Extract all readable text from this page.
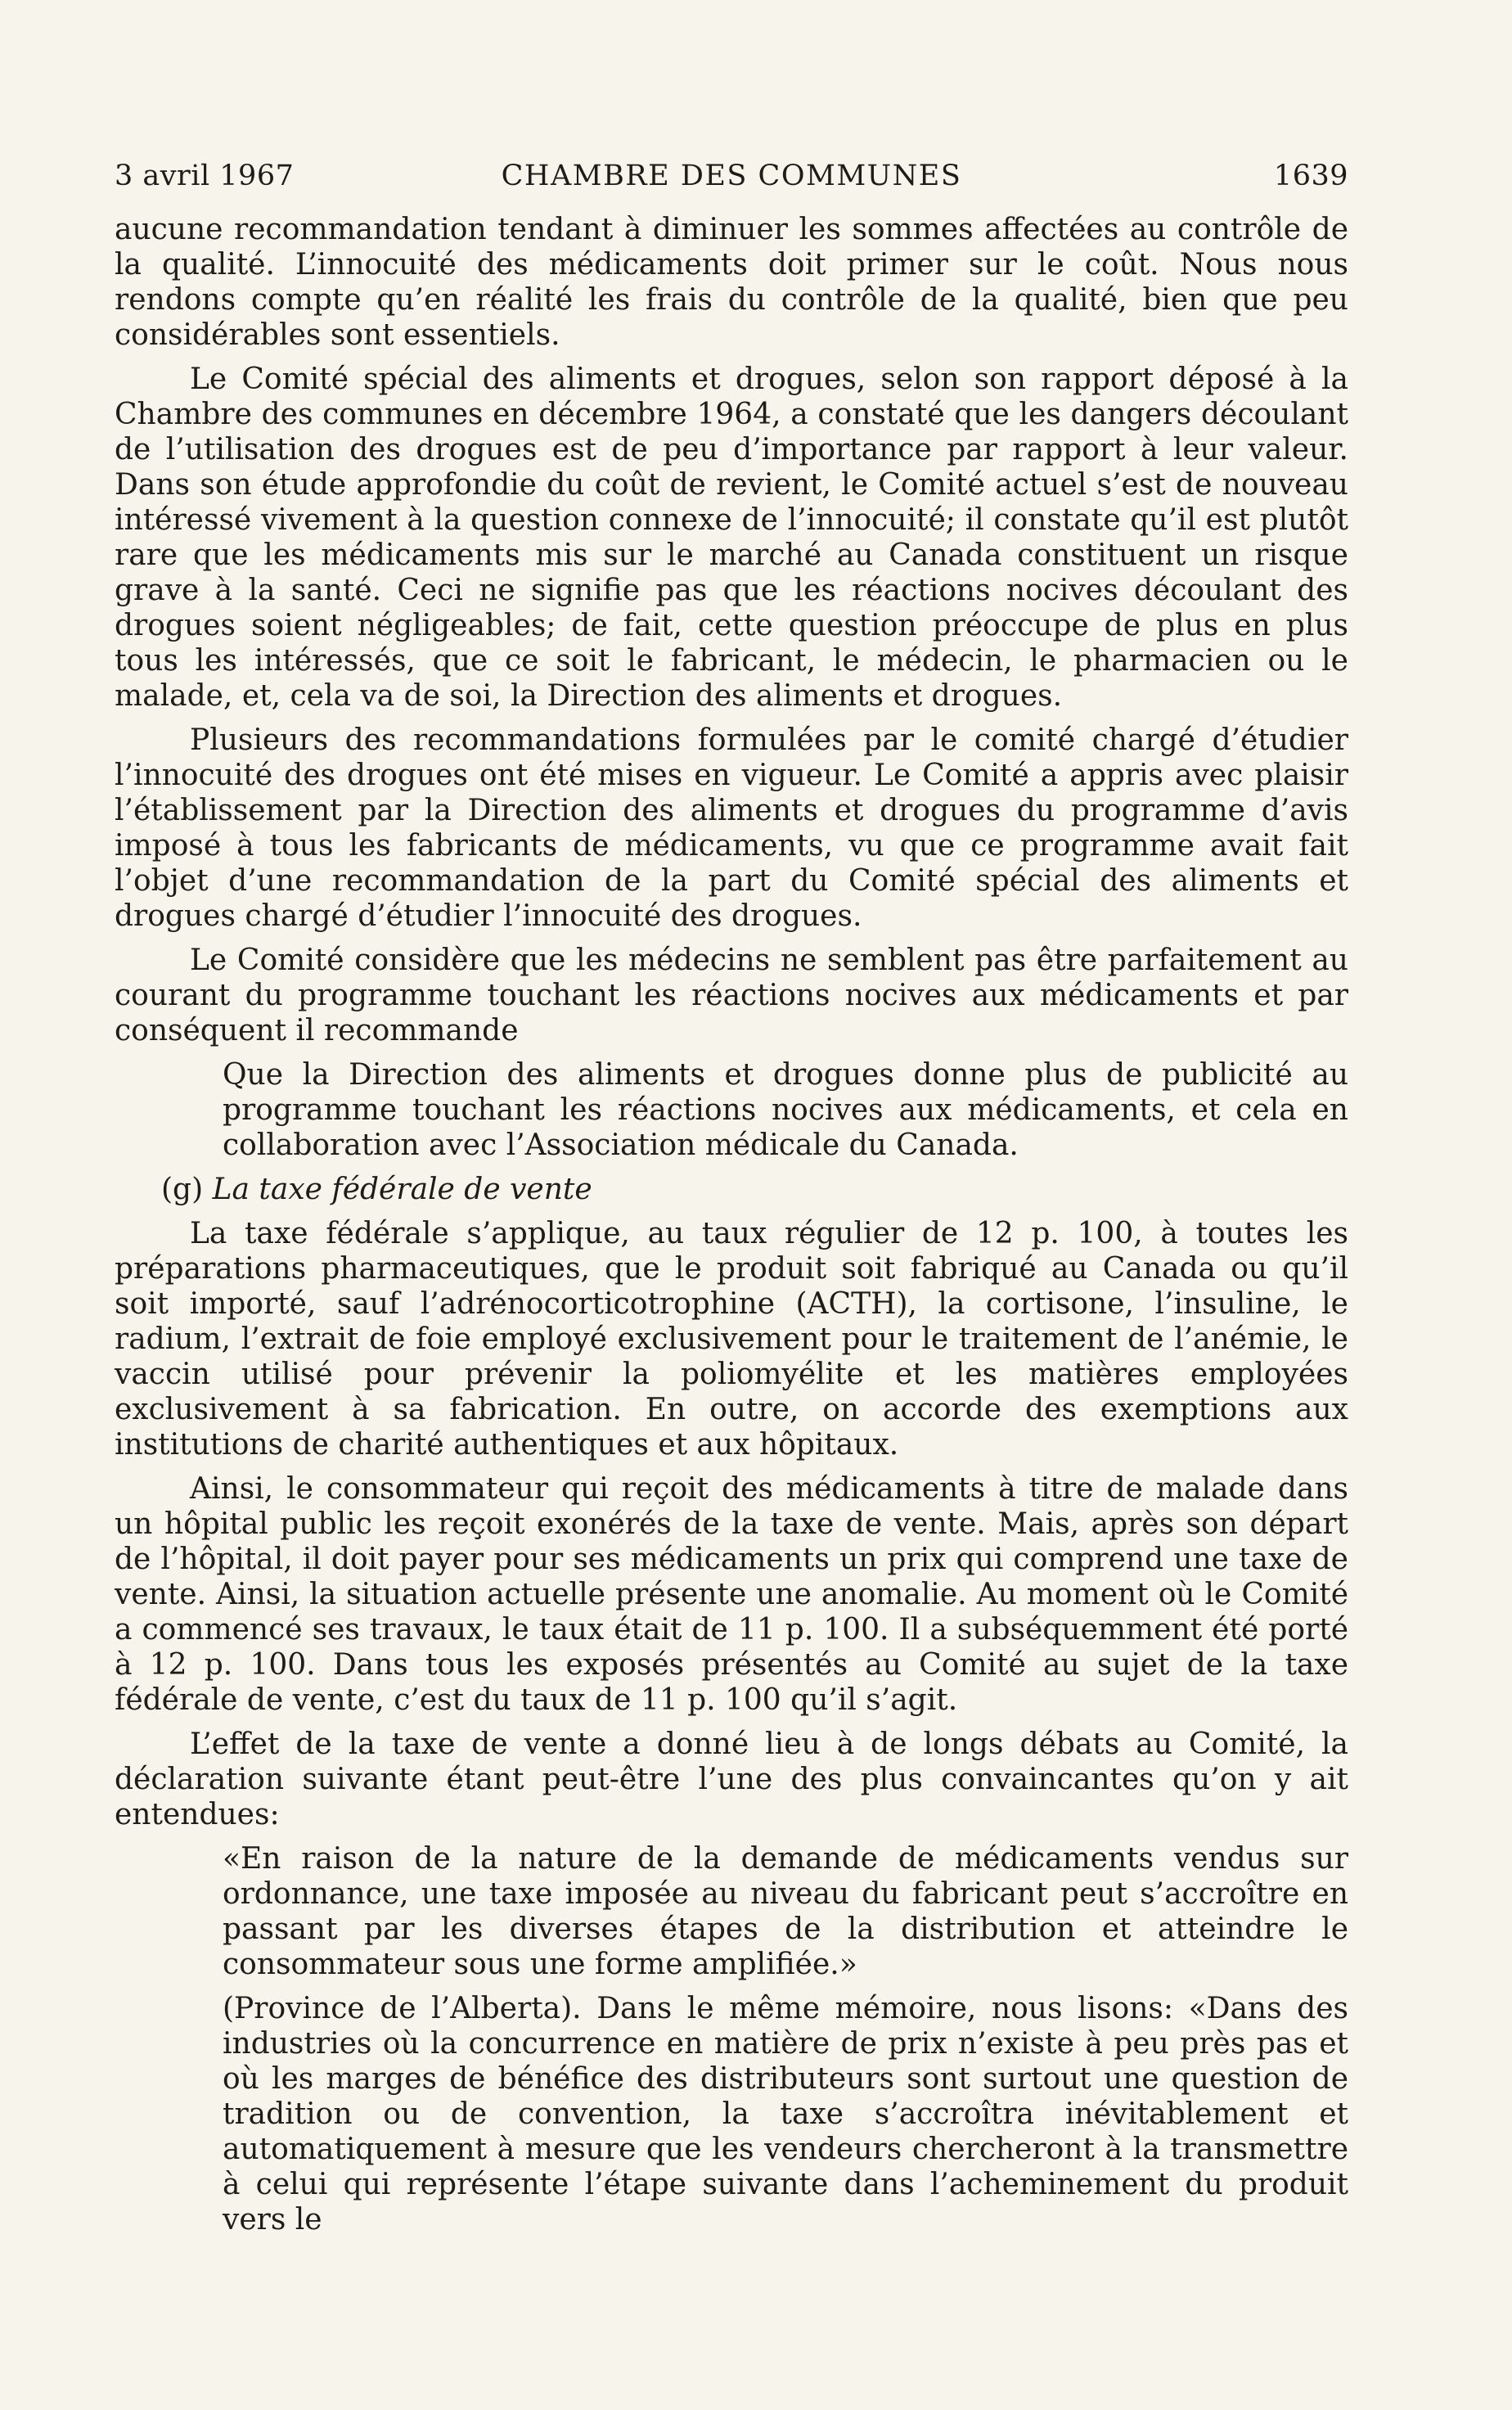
3 avril 1967	CHAMBRE DES COMMUNES	1639

aucune recommandation tendant à diminuer les sommes affectées au contrôle de la qualité. L’innocuité des médicaments doit primer sur le coût. Nous nous rendons compte qu’en réalité les frais du contrôle de la qualité, bien que peu considérables sont essentiels.

Le Comité spécial des aliments et drogues, selon son rapport déposé à la Chambre des communes en décembre 1964, a constaté que les dangers découlant de l’utilisation des drogues est de peu d’importance par rapport à leur valeur. Dans son étude approfondie du coût de revient, le Comité actuel s’est de nouveau intéressé vivement à la question connexe de l’innocuité; il constate qu’il est plutôt rare que les médicaments mis sur le marché au Canada constituent un risque grave à la santé. Ceci ne signifie pas que les réactions nocives découlant des drogues soient négligeables; de fait, cette question préoccupe de plus en plus tous les intéressés, que ce soit le fabricant, le médecin, le pharmacien ou le malade, et, cela va de soi, la Direction des aliments et drogues.

Plusieurs des recommandations formulées par le comité chargé d’étudier l’innocuité des drogues ont été mises en vigueur. Le Comité a appris avec plaisir l’établissement par la Direction des aliments et drogues du programme d’avis imposé à tous les fabricants de médicaments, vu que ce programme avait fait l’objet d’une recommandation de la part du Comité spécial des aliments et drogues chargé d’étudier l’innocuité des drogues.

Le Comité considère que les médecins ne semblent pas être parfaitement au courant du programme touchant les réactions nocives aux médicaments et par conséquent il recommande

Que la Direction des aliments et drogues donne plus de publicité au programme touchant les réactions nocives aux médicaments, et cela en collaboration avec l’Association médicale du Canada.

(g) La taxe fédérale de vente

La taxe fédérale s’applique, au taux régulier de 12 p. 100, à toutes les préparations pharmaceutiques, que le produit soit fabriqué au Canada ou qu’il soit importé, sauf l’adrénocorticotrophine (ACTH), la cortisone, l’insuline, le radium, l’extrait de foie employé exclusivement pour le traitement de l’anémie, le vaccin utilisé pour prévenir la poliomyélite et les matières employées exclusivement à sa fabrication. En outre, on accorde des exemptions aux institutions de charité authentiques et aux hôpitaux.

Ainsi, le consommateur qui reçoit des médicaments à titre de malade dans un hôpital public les reçoit exonérés de la taxe de vente. Mais, après son départ de l’hôpital, il doit payer pour ses médicaments un prix qui comprend une taxe de vente. Ainsi, la situation actuelle présente une anomalie. Au moment où le Comité a commencé ses travaux, le taux était de 11 p. 100. Il a subséquemment été porté à 12 p. 100. Dans tous les exposés présentés au Comité au sujet de la taxe fédérale de vente, c’est du taux de 11 p. 100 qu’il s’agit.

L’effet de la taxe de vente a donné lieu à de longs débats au Comité, la déclaration suivante étant peut-être l’une des plus convaincantes qu’on y ait entendues:

«En raison de la nature de la demande de médicaments vendus sur ordonnance, une taxe imposée au niveau du fabricant peut s’accroître en passant par les diverses étapes de la distribution et atteindre le consommateur sous une forme amplifiée.»

(Province de l’Alberta). Dans le même mémoire, nous lisons: «Dans des industries où la concurrence en matière de prix n’existe à peu près pas et où les marges de bénéfice des distributeurs sont surtout une question de tradition ou de convention, la taxe s’accroîtra inévitablement et automatiquement à mesure que les vendeurs chercheront à la transmettre à celui qui représente l’étape suivante dans l’acheminement du produit vers le
